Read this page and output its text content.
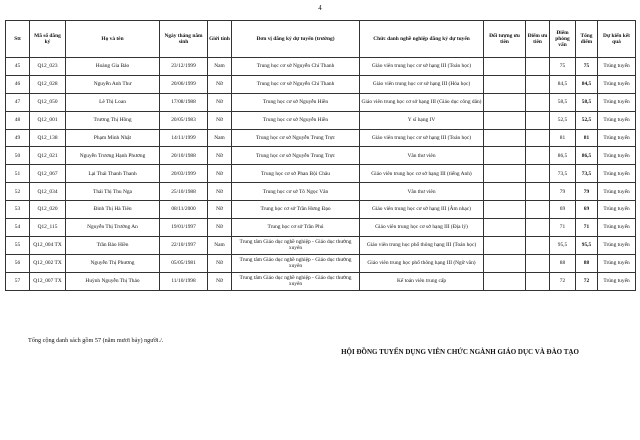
4
Stt	Mã số đăng ký	Họ và tên	Ngày tháng năm sinh	Giới tính	Đơn vị đăng ký dự tuyển (trường)	Chức danh nghề nghiệp đăng ký dự tuyển	Đối tượng ưu tiên	Điểm ưu tiên	Điểm phỏng vấn	Tổng điểm	Dự kiến kết quả
45	Q12_023	Hoàng Gia Bảo	23/12/1999	Nam	Trung học cơ sở Nguyễn Chí Thanh	Giáo viên trung học cơ sở hạng III (Toán học)			75	75	Trúng tuyển
46	Q12_028	Nguyễn Anh Thư	20/06/1999	Nữ	Trung học cơ sở Nguyễn Chí Thanh	Giáo viên trung học cơ sở hạng III (Hóa học)			84,5	84,5	Trúng tuyển
47	Q12_050	Lê Thị Loan	17/08/1988	Nữ	Trung học cơ sở Nguyễn Hiền	Giáo viên trung học cơ sở hạng III (Giáo dục công dân)			58,5	58,5	Trúng tuyển
48	Q12_001	Trương Thị Hồng	20/05/1983	Nữ	Trung học cơ sở Nguyễn Hiền	Y sĩ hạng IV			52,5	52,5	Trúng tuyển
49	Q12_138	Phạm Minh Nhật	14/11/1999	Nam	Trung học cơ sở Nguyễn Trung Trực	Giáo viên trung học cơ sở hạng III (Toán học)			81	81	Trúng tuyển
50	Q12_021	Nguyễn Trương Hạnh Phương	20/10/1988	Nữ	Trung học cơ sở Nguyễn Trung Trực	Văn thư viên			86,5	86,5	Trúng tuyển
51	Q12_067	Lại Thái Thanh Thanh	20/03/1999	Nữ	Trung học cơ sở Phan Bội Châu	Giáo viên trung học cơ sở hạng III (tiếng Anh)			73,5	73,5	Trúng tuyển
52	Q12_034	Thái Thị Thu Nga	25/10/1988	Nữ	Trung học cơ sở Tô Ngọc Vân	Văn thư viên			79	79	Trúng tuyển
53	Q12_020	Đinh Thị Hà Tiên	08/11/2000	Nữ	Trung học cơ sở Trần Hưng Đạo	Giáo viên trung học cơ sở hạng III (Âm nhạc)			69	69	Trúng tuyển
54	Q12_115	Nguyễn Thị Trường An	19/01/1997	Nữ	Trung học cơ sở Trần Phú	Giáo viên trung học cơ sở hạng III (Địa lý)			71	71	Trúng tuyển
55	Q12_004 TX	Trần Bảo Hiền	22/10/1997	Nam	Trung tâm Giáo dục nghề nghiệp - Giáo dục thường xuyên	Giáo viên trung học phổ thông hạng III (Toán học)			95,5	95,5	Trúng tuyển
56	Q12_002 TX	Nguyễn Thị Phương	05/05/1981	Nữ	Trung tâm Giáo dục nghề nghiệp - Giáo dục thường xuyên	Giáo viên trung học phổ thông hạng III (Ngữ văn)			88	88	Trúng tuyển
57	Q12_007 TX	Huỳnh Nguyễn Thị Thảo	11/10/1998	Nữ	Trung tâm Giáo dục nghề nghiệp - Giáo dục thường xuyên	Kế toán viên trung cấp			72	72	Trúng tuyển
Tổng cộng danh sách gồm 57 (năm mươi bảy) người./.
HỘI ĐỒNG TUYỂN DỤNG VIÊN CHỨC NGÀNH GIÁO DỤC VÀ ĐÀO TẠO
